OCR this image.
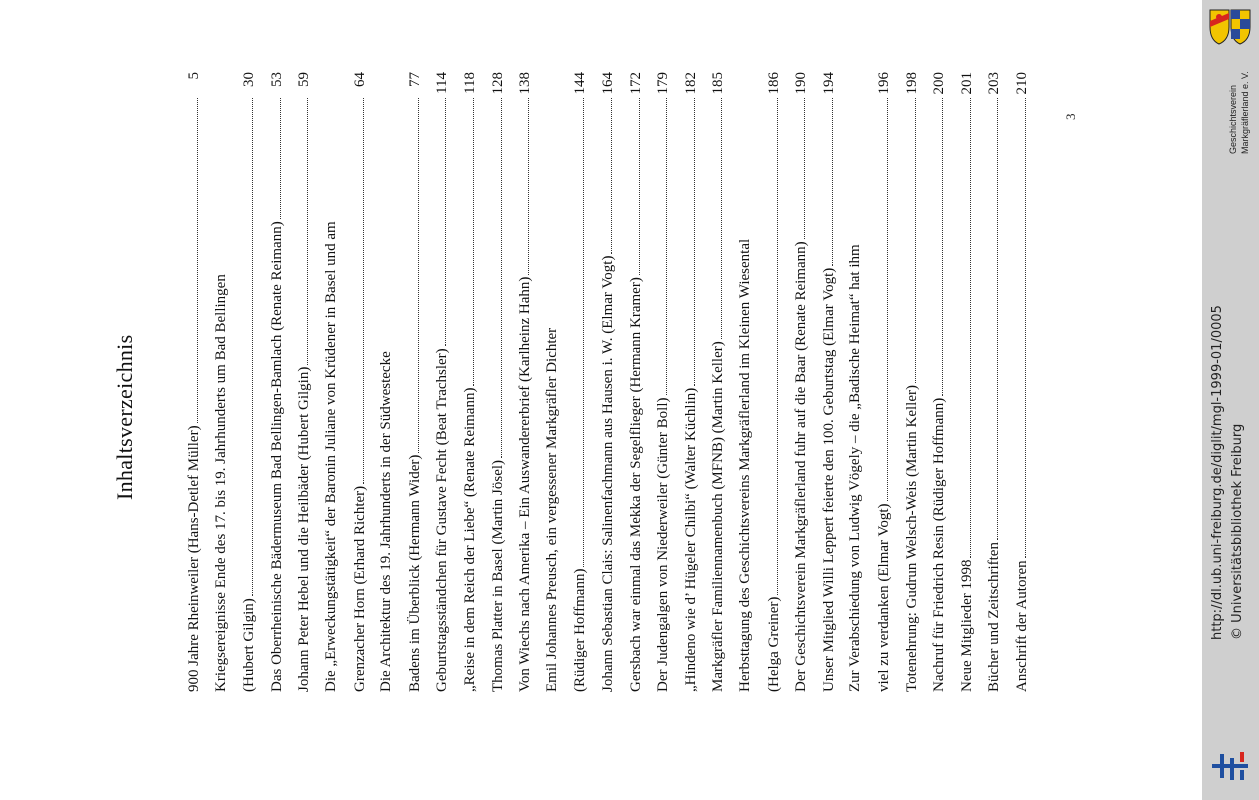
Inhaltsverzeichnis
900 Jahre Rheinweiler (Hans-Detlef Müller)
5
Kriegsereignisse Ende des 17. bis 19. Jahrhunderts um Bad Bellingen (Hubert Gilgin)
30
Das Oberrheinische Bädermuseum Bad Bellingen-Bamlach (Renate Reimann)
53
Johann Peter Hebel und die Heilbäder (Hubert Gilgin)
59
Die „Erweckungstätigkeit“ der Baronin Juliane von Krüdener in Basel und am Grenzacher Horn (Erhard Richter)
64
Die Architektur des 19. Jahrhunderts in der Südwestecke Badens im Überblick (Hermann Wider)
77
Geburtstagsständchen für Gustave Fecht (Beat Trachsler)
114
„Reise in dem Reich der Liebe“ (Renate Reimann)
118
Thomas Platter in Basel (Martin Jösel)
128
Von Wiechs nach Amerika – Ein Auswandererbrief (Karlheinz Hahn)
138
Emil Johannes Preusch, ein vergessener Markgräfler Dichter (Rüdiger Hoffmann)
144
Johann Sebastian Clais: Salinenfachmann aus Hausen i. W. (Elmar Vogt)
164
Gersbach war einmal das Mekka der Segelflieger (Hermann Kramer)
172
Der Judengalgen von Niederweiler (Günter Boll)
179
„Hindeno wie d’ Hügeler Chilbi“ (Walter Küchlin)
182
Markgräfler Familiennamenbuch (MFNB) (Martin Keller)
185
Herbsttagung des Geschichtsvereins Markgräflerland im Kleinen Wiesental (Helga Greiner)
186
Der Geschichtsverein Markgräflerland fuhr auf die Baar (Renate Reimann)
190
Unser Mitglied Willi Leppert feierte den 100. Geburtstag (Elmar Vogt)
194
Zur Verabschiedung von Ludwig Vögely – die „Badische Heimat“ hat ihm viel zu verdanken (Elmar Vogt)
196
Totenehrung: Gudrun Welsch-Weis (Martin Keller)
198
Nachruf für Friedrich Resin (Rüdiger Hoffmann)
200
Neue Mitglieder 1998
201
Bücher und Zeitschriften
203
Anschrift der Autoren
210
3
http://dl.ub.uni-freiburg.de/diglit/mgl-1999-01/0005 © Universitätsbibliothek Freiburg
Geschichtsverein Markgräflerland e. V.
